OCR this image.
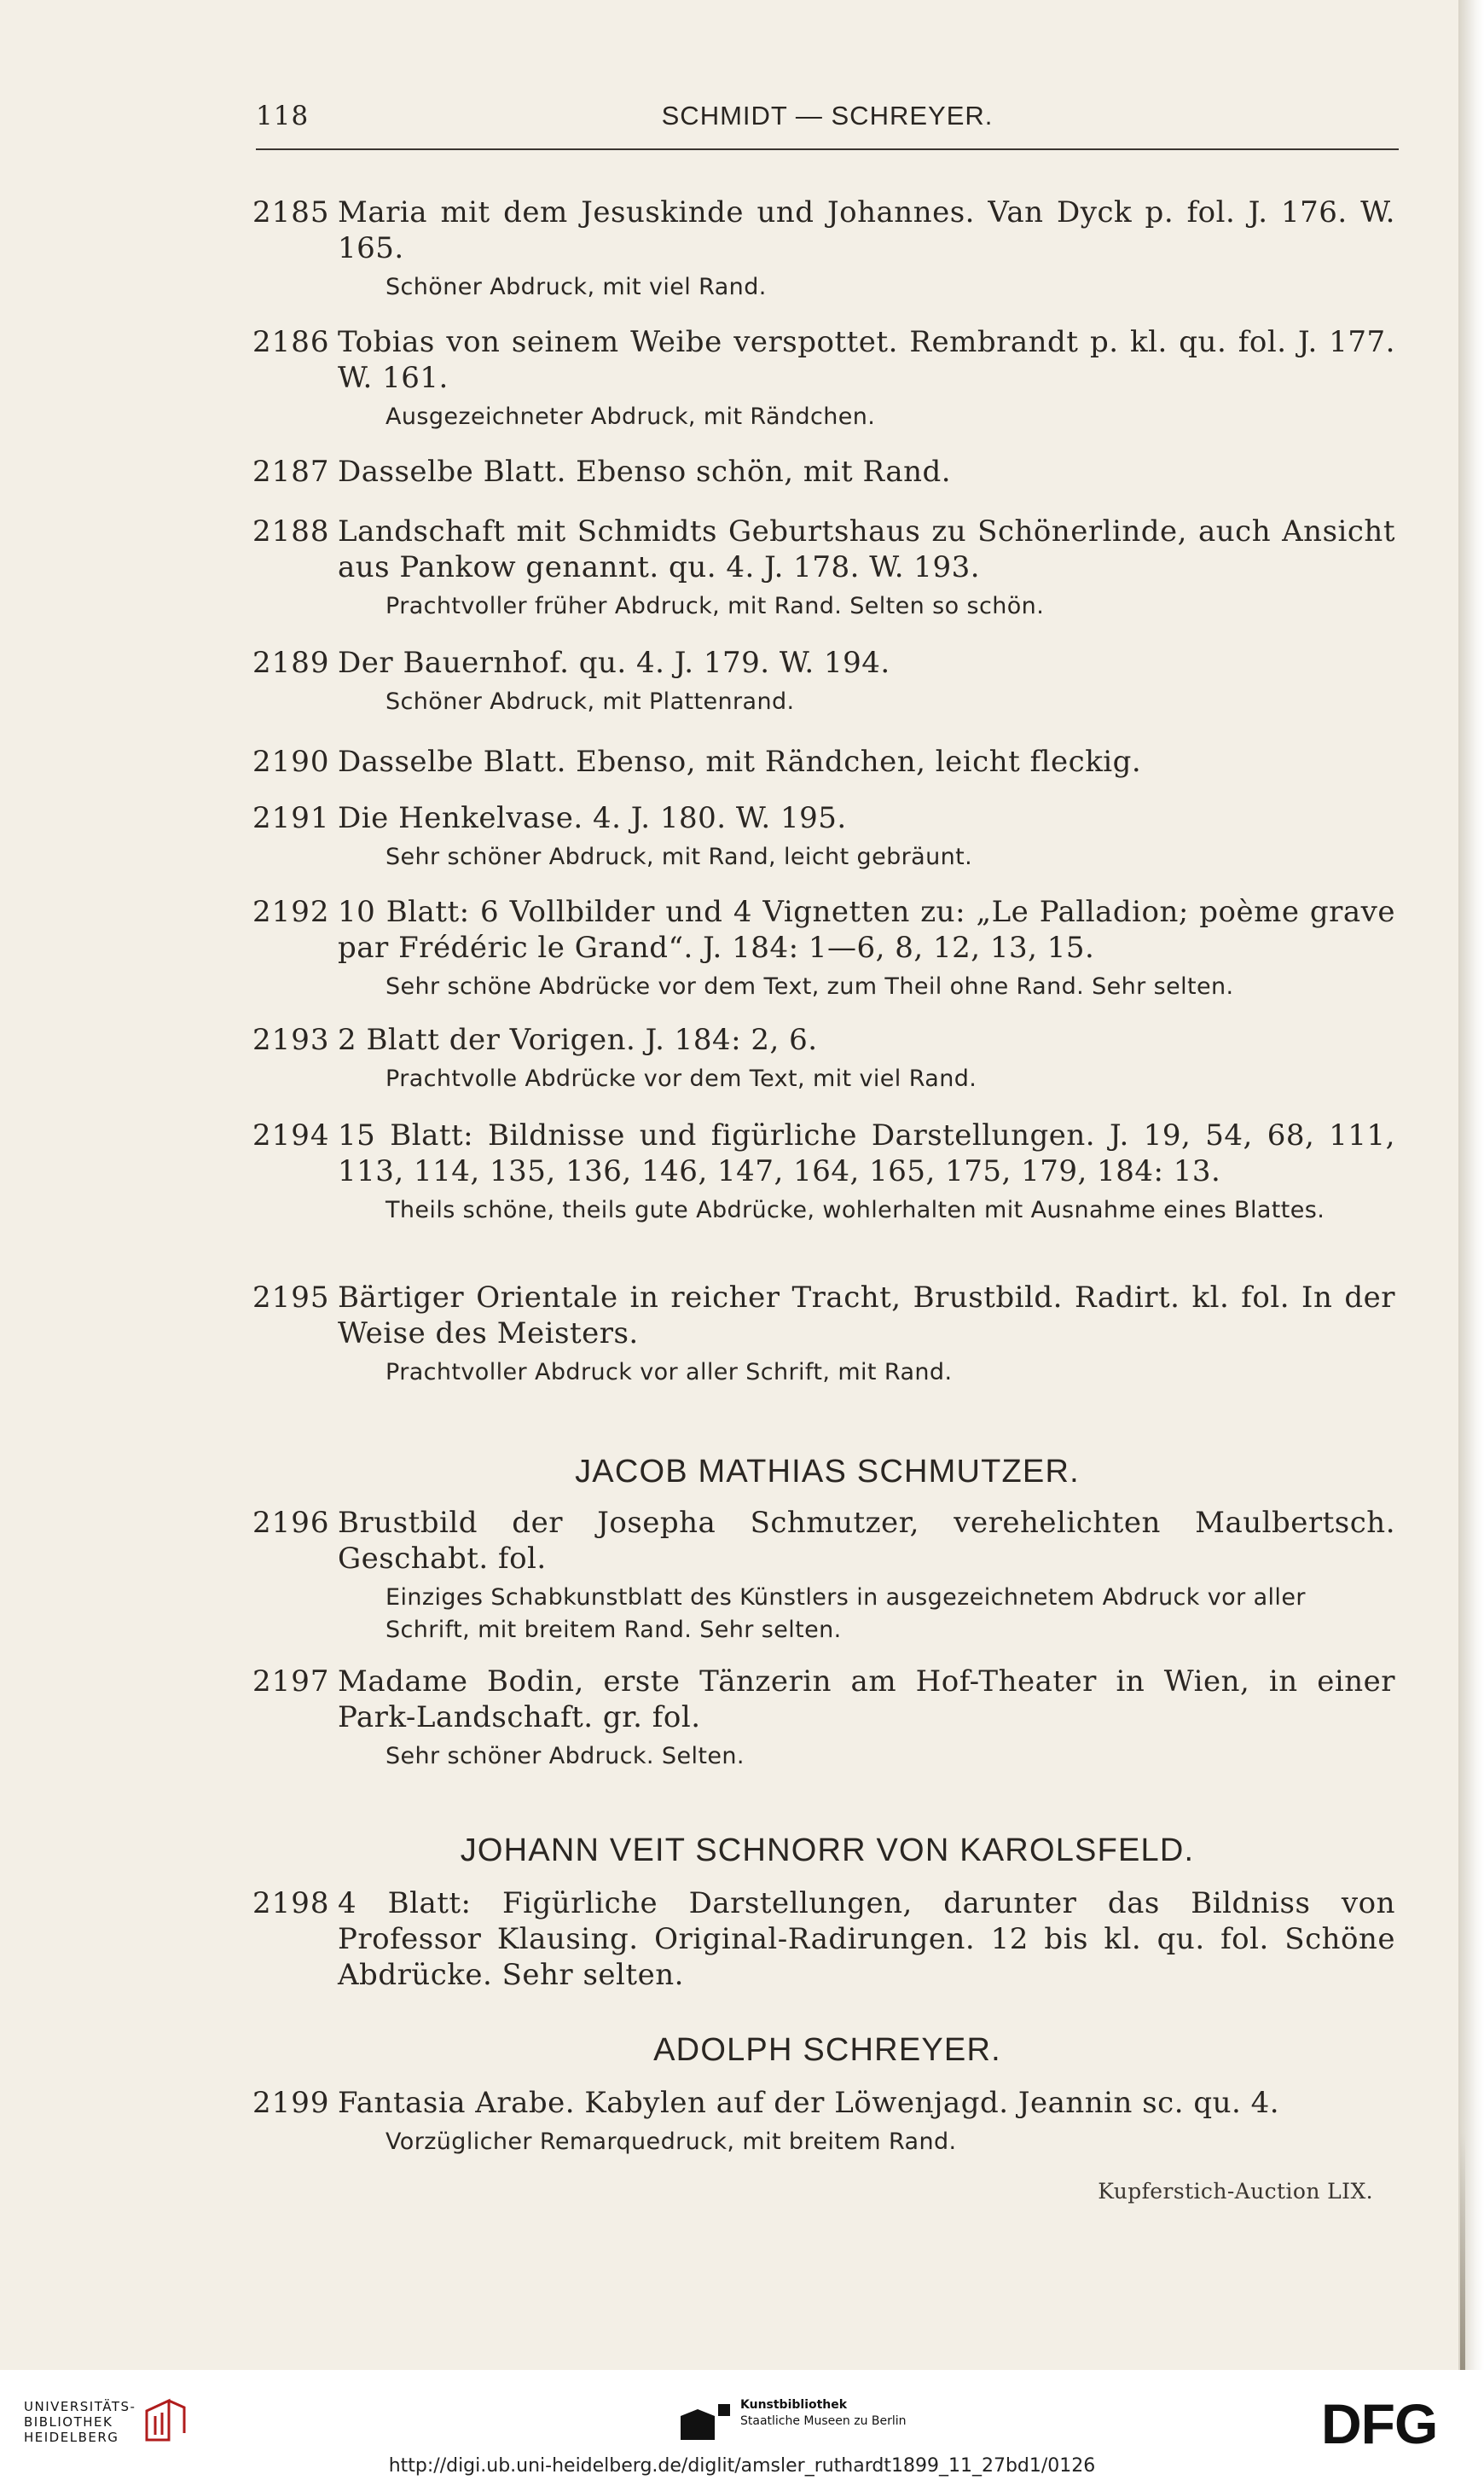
118	SCHMIDT — SCHREYER.
2185 Maria mit dem Jesuskinde und Johannes. Van Dyck p. fol. J. 176. W. 165.
Schöner Abdruck, mit viel Rand.
2186 Tobias von seinem Weibe verspottet. Rembrandt p. kl. qu. fol. J. 177. W. 161.
Ausgezeichneter Abdruck, mit Rändchen.
2187 Dasselbe Blatt. Ebenso schön, mit Rand.
2188 Landschaft mit Schmidts Geburtshaus zu Schönerlinde, auch Ansicht aus Pankow genannt. qu. 4. J. 178. W. 193.
Prachtvoller früher Abdruck, mit Rand. Selten so schön.
2189 Der Bauernhof. qu. 4. J. 179. W. 194.
Schöner Abdruck, mit Plattenrand.
2190 Dasselbe Blatt. Ebenso, mit Rändchen, leicht fleckig.
2191 Die Henkelvase. 4. J. 180. W. 195.
Sehr schöner Abdruck, mit Rand, leicht gebräunt.
2192 10 Blatt: 6 Vollbilder und 4 Vignetten zu: „Le Palladion; poème grave par Frédéric le Grand“. J. 184: 1—6, 8, 12, 13, 15.
Sehr schöne Abdrücke vor dem Text, zum Theil ohne Rand. Sehr selten.
2193 2 Blatt der Vorigen. J. 184: 2, 6.
Prachtvolle Abdrücke vor dem Text, mit viel Rand.
2194 15 Blatt: Bildnisse und figürliche Darstellungen. J. 19, 54, 68, 111, 113, 114, 135, 136, 146, 147, 164, 165, 175, 179, 184: 13.
Theils schöne, theils gute Abdrücke, wohlerhalten mit Ausnahme eines Blattes.
2195 Bärtiger Orientale in reicher Tracht, Brustbild. Radirt. kl. fol. In der Weise des Meisters.
Prachtvoller Abdruck vor aller Schrift, mit Rand.
JACOB MATHIAS SCHMUTZER.
2196 Brustbild der Josepha Schmutzer, verehelichten Maulbertsch. Geschabt. fol.
Einziges Schabkunstblatt des Künstlers in ausgezeichnetem Abdruck vor aller Schrift, mit breitem Rand. Sehr selten.
2197 Madame Bodin, erste Tänzerin am Hof-Theater in Wien, in einer Park-Landschaft. gr. fol.
Sehr schöner Abdruck. Selten.
JOHANN VEIT SCHNORR VON KAROLSFELD.
2198 4 Blatt: Figürliche Darstellungen, darunter das Bildniss von Professor Klausing. Original-Radirungen. 12 bis kl. qu. fol. Schöne Abdrücke. Sehr selten.
ADOLPH SCHREYER.
2199 Fantasia Arabe. Kabylen auf der Löwenjagd. Jeannin sc. qu. 4.
Vorzüglicher Remarquedruck, mit breitem Rand.
Kupferstich-Auction LIX.
UNIVERSITÄTS-
BIBLIOTHEK
HEIDELBERG
Kunstbibliothek
Staatliche Museen zu Berlin	DFG
http://digi.ub.uni-heidelberg.de/diglit/amsler_ruthardt1899_11_27bd1/0126
